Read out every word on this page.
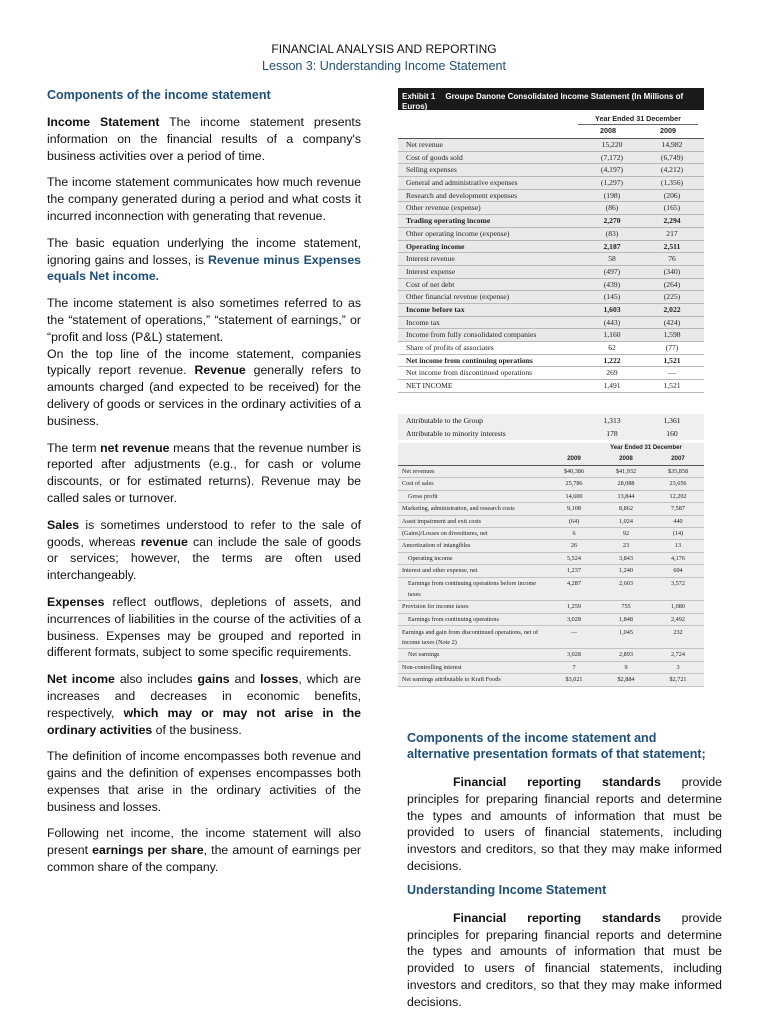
FINANCIAL ANALYSIS AND REPORTING
Lesson 3: Understanding Income Statement
Components of the income statement

Income Statement The income statement presents information on the financial results of a company's business activities over a period of time.

The income statement communicates how much revenue the company generated during a period and what costs it incurred inconnection with generating that revenue.

The basic equation underlying the income statement, ignoring gains and losses, is Revenue minus Expenses equals Net income.

The income statement is also sometimes referred to as the “statement of operations,” “statement of earnings,” or “profit and loss (P&L) statement.

On the top line of the income statement, companies typically report revenue. Revenue generally refers to amounts charged (and expected to be received) for the delivery of goods or services in the ordinary activities of a business.

The term net revenue means that the revenue number is reported after adjustments (e.g., for cash or volume discounts, or for estimated returns). Revenue may be called sales or turnover.

Sales is sometimes understood to refer to the sale of goods, whereas revenue can include the sale of goods or services; however, the terms are often used interchangeably.

Expenses reflect outflows, depletions of assets, and incurrences of liabilities in the course of the activities of a business. Expenses may be grouped and reported in different formats, subject to some specific requirements.

Net income also includes gains and losses, which are increases and decreases in economic benefits, respectively, which may or may not arise in the ordinary activities of the business.

The definition of income encompasses both revenue and gains and the definition of expenses encompasses both expenses that arise in the ordinary activities of the business and losses.

Following net income, the income statement will also present earnings per share, the amount of earnings per common share of the company.

Exhibit 1 Groupe Danone Consolidated Income Statement (In Millions of Euros)
Year Ended 31 December
2008	2009
Net revenue	15,220	14,982
Cost of goods sold	(7,172)	(6,749)
Selling expenses	(4,197)	(4,212)
General and administrative expenses	(1,297)	(1,356)
Research and development expenses	(198)	(206)
Other revenue (expense)	(86)	(165)
Trading operating income	2,270	2,294
Other operating income (expense)	(83)	217
Operating income	2,187	2,511
Interest revenue	58	76
Interest expense	(497)	(340)
Cost of net debt	(439)	(264)
Other financial revenue (expense)	(145)	(225)
Income before tax	1,603	2,022
Income tax	(443)	(424)
Income from fully consolidated companies	1,160	1,598
Share of profits of associates	62	(77)
Net income from continuing operations	1,222	1,521
Net income from discontinued operations	269	—
NET INCOME	1,491	1,521
Attributable to the Group	1,313	1,361
Attributable to minority interests	178	160
Year Ended 31 December
2009	2008	2007
Net revenues	$40,386	$41,932	$35,858
Cost of sales	25,786	28,088	23,656
Gross profit	14,600	13,844	12,202
Marketing, administration, and research costs	9,108	8,862	7,587
Asset impairment and exit costs	(64)	1,024	440
(Gains)/Losses on divestitures, net	6	92	(14)
Amortization of intangibles	26	23	13
Operating income	5,524	3,843	4,176
Interest and other expense, net	1,237	1,240	604
Earnings from continuing operations before income taxes
4,287	2,603	3,572
Provision for income taxes	1,259	755	1,080
Earnings from continuing operations	3,028	1,848	2,492
Earnings and gain from discontinued operations, net of income taxes (Note 2)
—	1,045	232
Net earnings	3,028	2,893	2,724
Non-controlling interest	7	9	3
Net earnings attributable to Kraft Foods	$3,021	$2,884	$2,721
Components of the income statement and alternative presentation formats of that statement;

Financial reporting standards provide principles for preparing financial reports and determine the types and amounts of information that must be provided to users of financial statements, including investors and creditors, so that they may make informed decisions.

Understanding Income Statement

Financial reporting standards provide principles for preparing financial reports and determine the types and amounts of information that must be provided to users of financial statements, including investors and creditors, so that they may make informed decisions.
